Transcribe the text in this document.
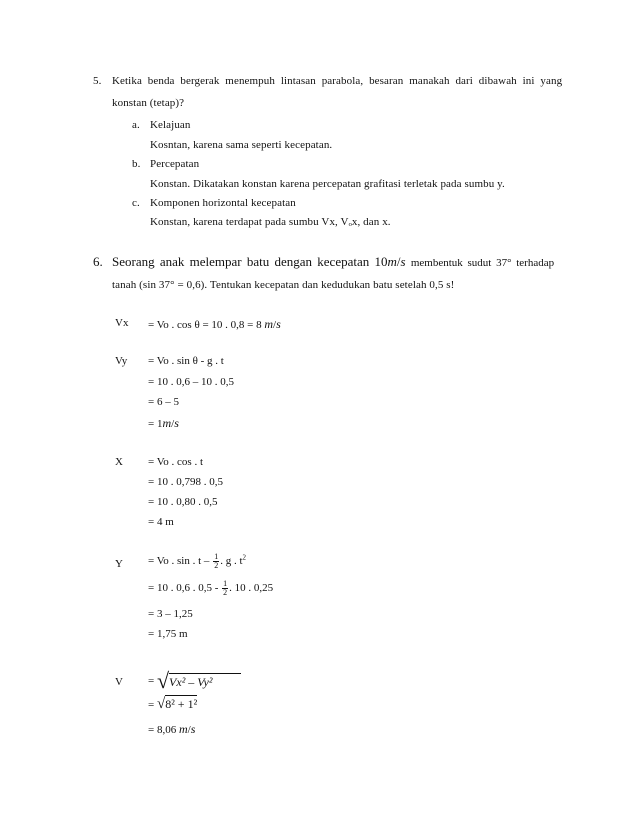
5. Ketika benda bergerak menempuh lintasan parabola, besaran manakah dari dibawah ini yang
konstan (tetap)?
a. Kelajuan
Kosntan, karena sama seperti kecepatan.
b. Percepatan
Konstan. Dikatakan konstan karena percepatan grafitasi terletak pada sumbu y.
c. Komponen horizontal kecepatan
Konstan, karena terdapat pada sumbu Vx, Vₒx, dan x.
6. Seorang anak melempar batu dengan kecepatan 10m/s membentuk sudut 37° terhadap
tanah (sin 37° = 0,6). Tentukan kecepatan dan kedudukan batu setelah 0,5 s!
Vx = Vo . cos θ = 10 . 0,8 = 8 m/s
Vy = Vo . sin θ - g . t
= 10 . 0,6 – 10 . 0,5
= 6 – 5
= 1m/s
X = Vo . cos . t
= 10 . 0,798 . 0,5
= 10 . 0,80 . 0,5
= 4 m
Y = Vo . sin . t – $\frac{1}{2}$ . g . $t^2$
= 10 . 0,6 . $0,5 - \frac{1}{2}$ . 10 . 0,25
= 3 – 1,25
= 1,75 m
V = √Vx² – Vy²
= √8² + 1²
= 8,06 m/s
